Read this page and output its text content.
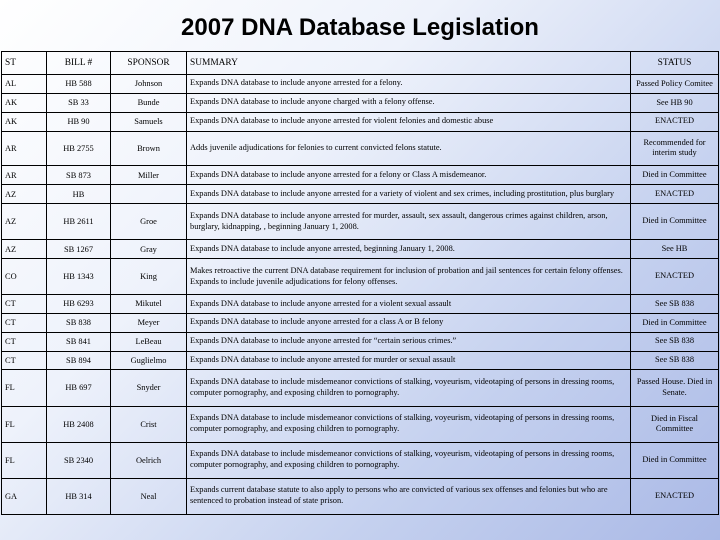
2007 DNA Database Legislation
ST	BILL #	SPONSOR	SUMMARY	STATUS
AL	HB 588	Johnson	Expands DNA database to include anyone arrested for a felony.	Passed Policy Comitee
AK	SB 33	Bunde	Expands DNA database to include anyone charged with a felony offense.	See HB 90
AK	HB 90	Samuels	Expands DNA database to include anyone arrested for violent felonies and domestic abuse	ENACTED
AR	HB 2755	Brown	Adds juvenile adjudications for felonies to current convicted felons statute.	Recommended for interim study
AR	SB 873	Miller	Expands DNA database to include anyone arrested for a felony or Class A misdemeanor.	Died in Committee
AZ	HB		Expands DNA database to include anyone arrested for a variety of violent and sex crimes, including prostitution, plus burglary	ENACTED
AZ	HB 2611	Groe	Expands DNA database to include anyone arrested for murder, assault, sex assault, dangerous crimes against children, arson, burglary, kidnapping, , beginning January 1, 2008.	Died in Committee
AZ	SB 1267	Gray	Expands DNA database to include anyone arrested, beginning January 1, 2008.	See HB
CO	HB 1343	King	Makes retroactive the current DNA database requirement for inclusion of probation and jail sentences for certain felony offenses. Expands to include juvenile adjudications for felony offenses.	ENACTED
CT	HB 6293	Mikutel	Expands DNA database to include anyone arrested for a violent sexual assault	See SB 838
CT	SB 838	Meyer	Expands DNA database to include anyone arrested for a class A or B felony	Died in Committee
CT	SB 841	LeBeau	Expands DNA database to include anyone arrested for “certain serious crimes.”	See SB 838
CT	SB 894	Guglielmo	Expands DNA database to include anyone arrested for murder or sexual assault	See SB 838
FL	HB 697	Snyder	Expands DNA database to include misdemeanor convictions of stalking, voyeurism, videotaping of persons in dressing rooms, computer pornography, and exposing children to pornography.	Passed House. Died in Senate.
FL	HB 2408	Crist	Expands DNA database to include misdemeanor convictions of stalking, voyeurism, videotaping of persons in dressing rooms, computer pornography, and exposing children to pornography.	Died in Fiscal Committee
FL	SB 2340	Oelrich	Expands DNA database to include misdemeanor convictions of stalking, voyeurism, videotaping of persons in dressing rooms, computer pornography, and exposing children to pornography.	Died in Committee
GA	HB 314	Neal	Expands current database statute to also apply to persons who are convicted of various sex offenses and felonies but who are sentenced to probation instead of state prison.	ENACTED
